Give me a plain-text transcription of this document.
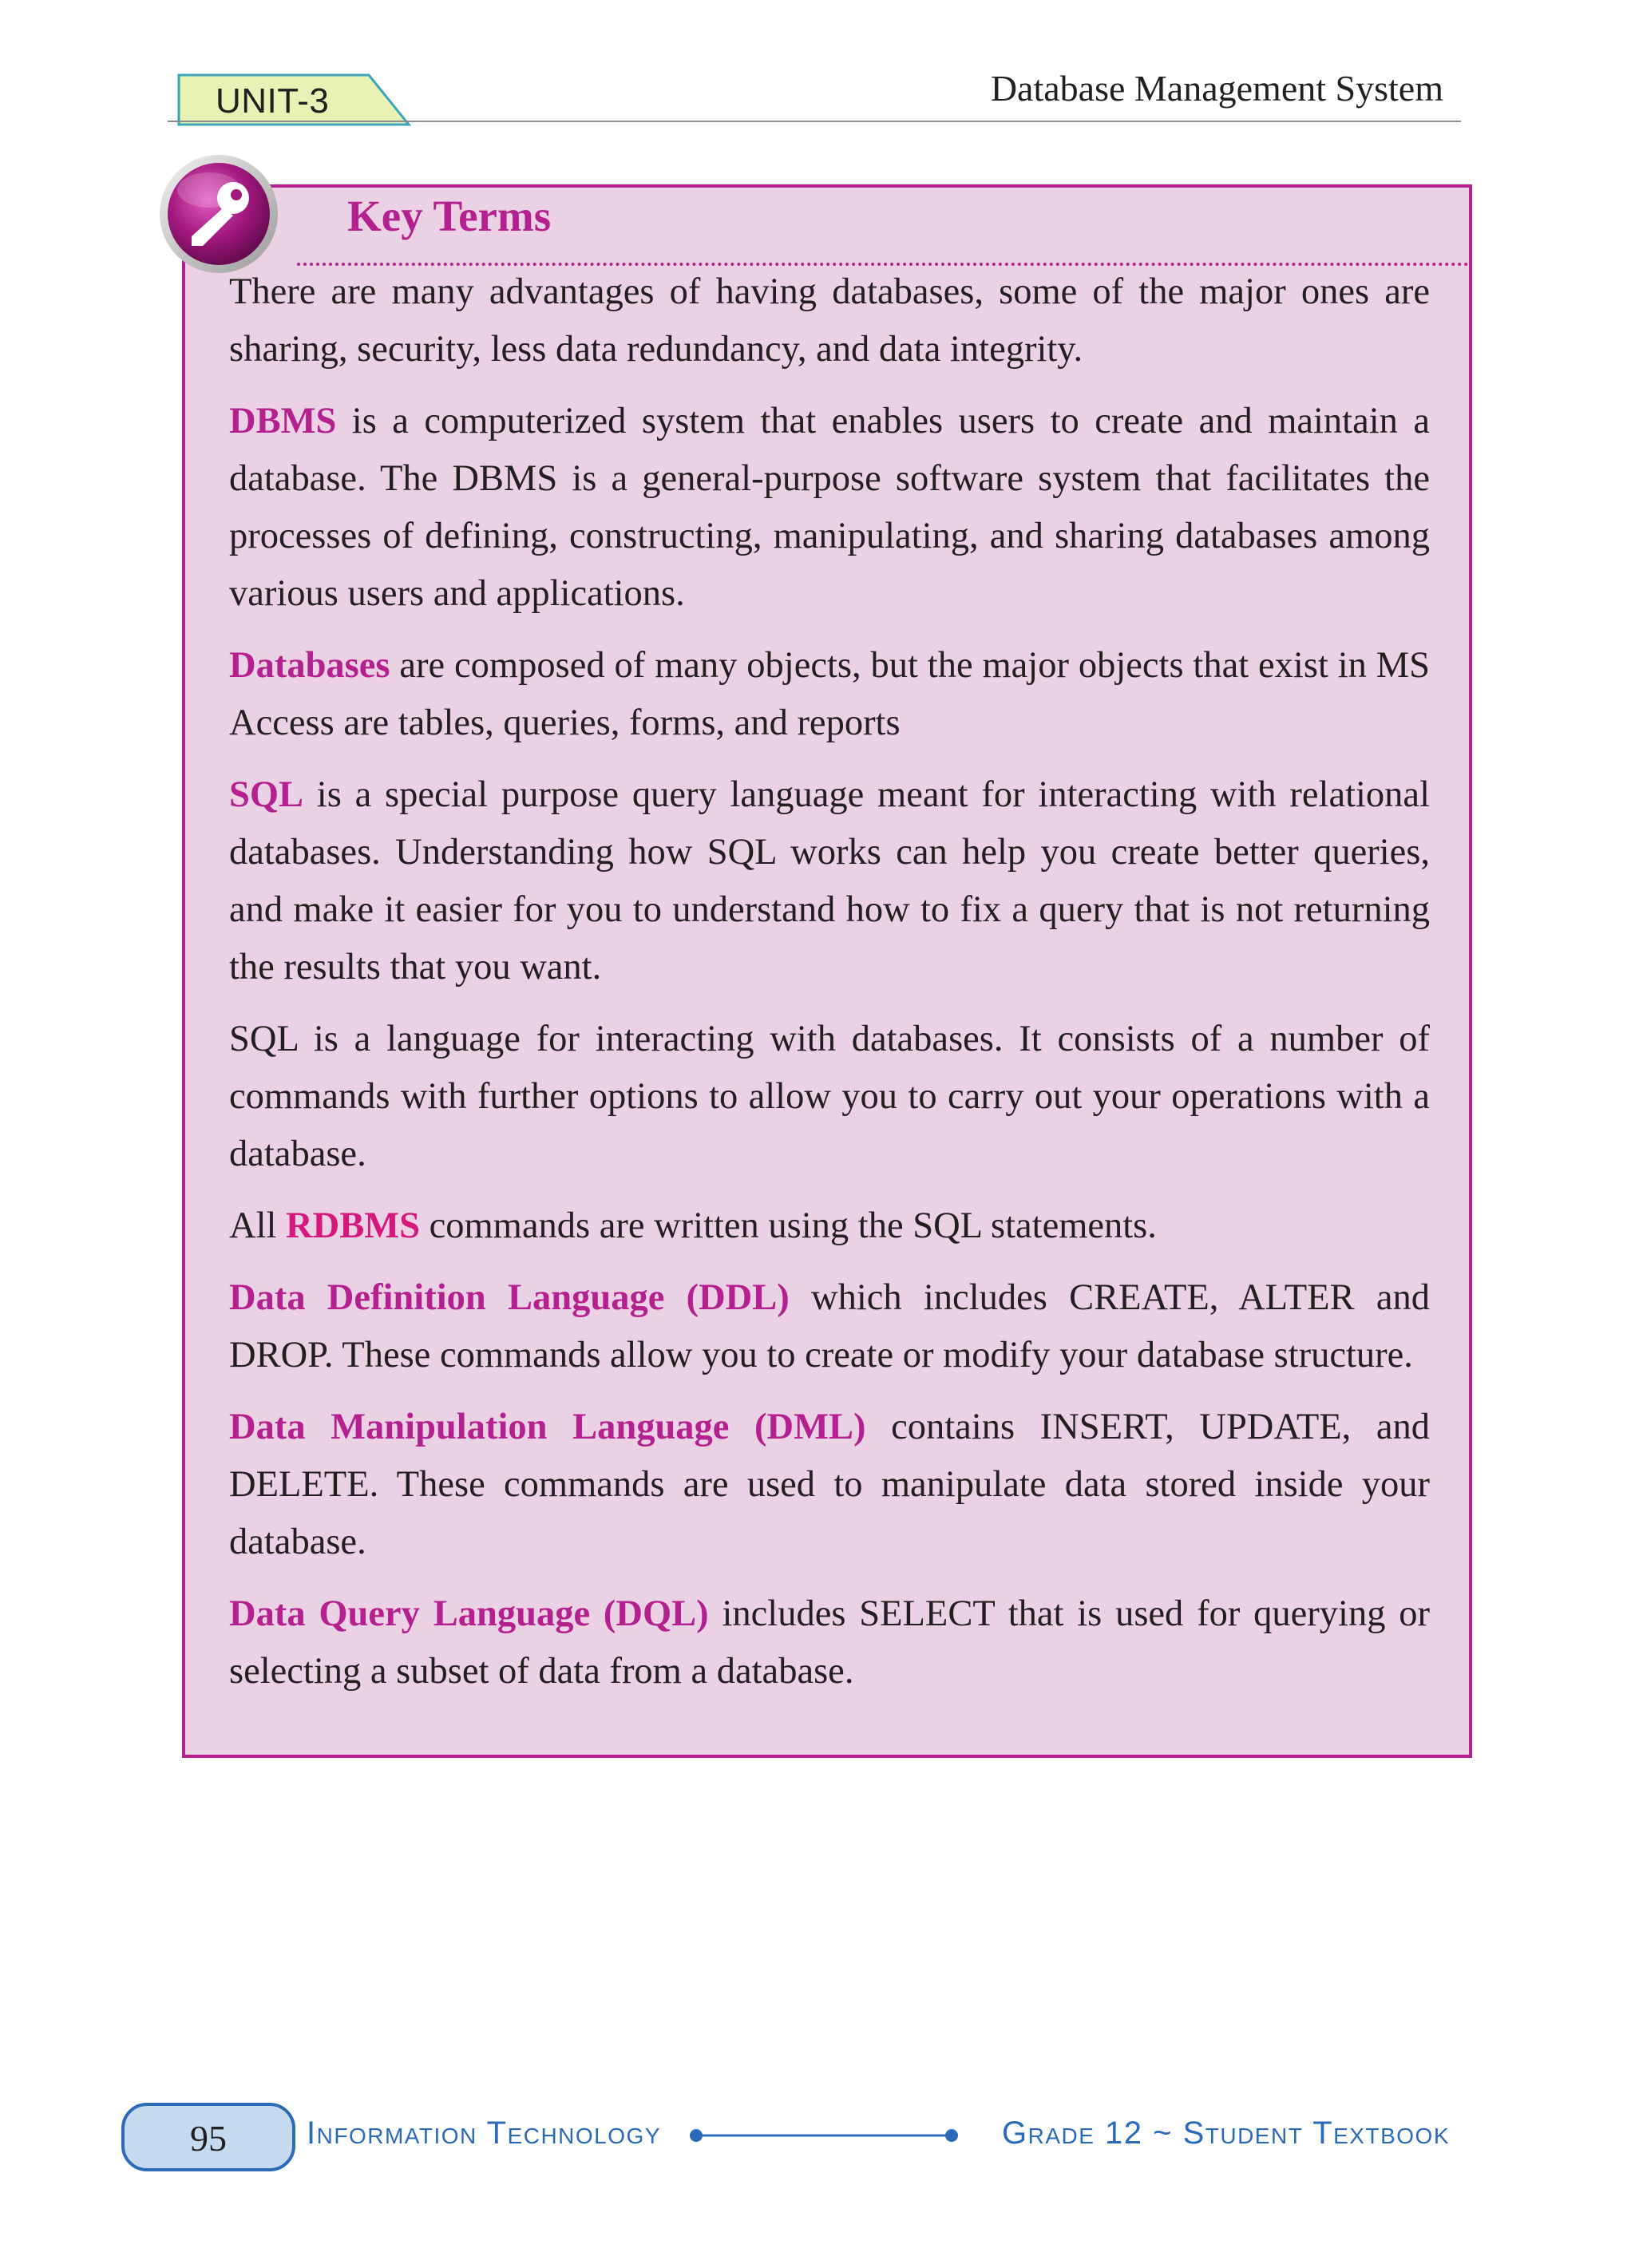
UNIT-3	Database Management System
Key Terms

There are many advantages of having databases, some of the major ones are sharing, security, less data redundancy, and data integrity.

DBMS is a computerized system that enables users to create and maintain a database. The DBMS is a general-purpose software system that facilitates the processes of defining, constructing, manipulating, and sharing databases among various users and applications.

Databases are composed of many objects, but the major objects that exist in MS Access are tables, queries, forms, and reports

SQL is a special purpose query language meant for interacting with relational databases. Understanding how SQL works can help you create better queries, and make it easier for you to understand how to fix a query that is not returning the results that you want.

SQL is a language for interacting with databases. It consists of a number of commands with further options to allow you to carry out your operations with a database.

All RDBMS commands are written using the SQL statements.

Data Definition Language (DDL) which includes CREATE, ALTER and DROP. These commands allow you to create or modify your database structure.

Data Manipulation Language (DML) contains INSERT, UPDATE, and DELETE. These commands are used to manipulate data stored inside your database.

Data Query Language (DQL) includes SELECT that is used for querying or selecting a subset of data from a database.

95	Information Technology	Grade 12 ~ Student Textbook
